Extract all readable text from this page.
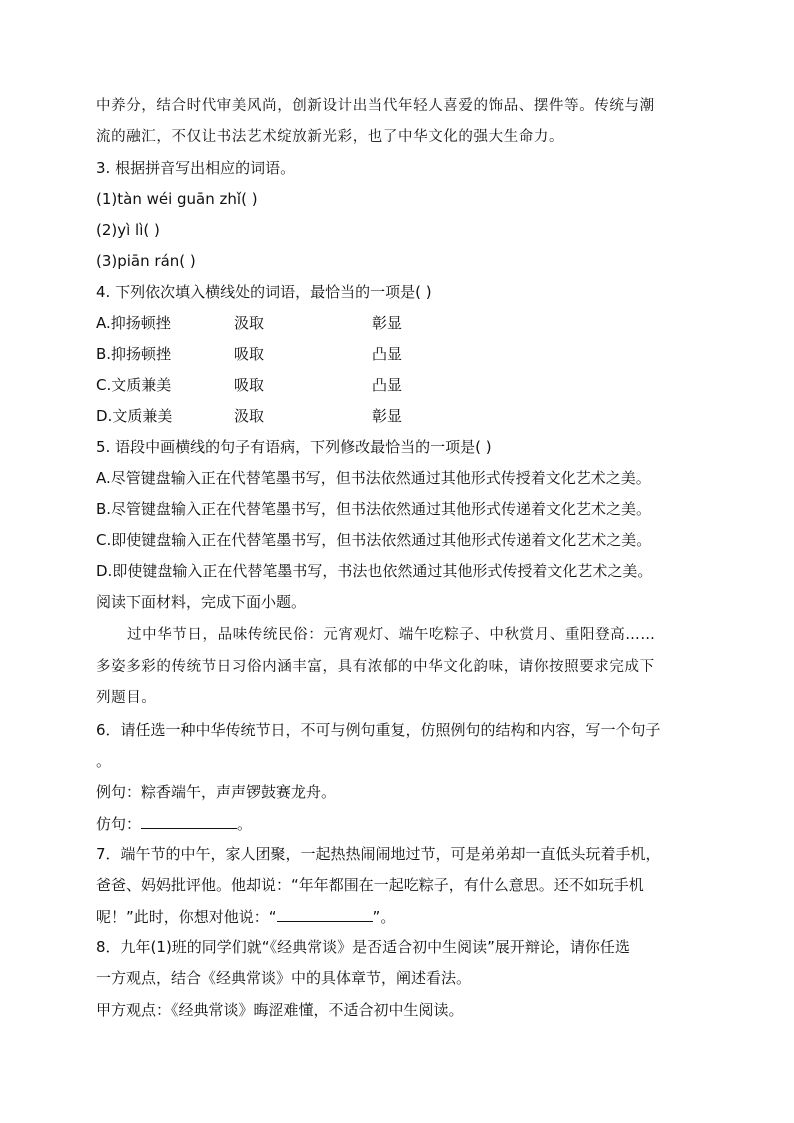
中养分，结合时代审美风尚，创新设计出当代年轻人喜爱的饰品、摆件等。传统与潮
流的融汇，不仅让书法艺术绽放新光彩，也了中华文化的强大生命力。
3. 根据拼音写出相应的词语。
(1)tàn wéi guān zhǐ( )
(2)yì lì( )
(3)piān rán( )
4. 下列依次填入横线处的词语，最恰当的一项是( )
A.抑扬顿挫	汲取	彰显
B.抑扬顿挫	吸取	凸显
C.文质兼美	吸取	凸显
D.文质兼美	汲取	彰显
5. 语段中画横线的句子有语病，下列修改最恰当的一项是( )
A.尽管键盘输入正在代替笔墨书写，但书法依然通过其他形式传授着文化艺术之美。
B.尽管键盘输入正在代替笔墨书写，但书法依然通过其他形式传递着文化艺术之美。
C.即使键盘输入正在代替笔墨书写，但书法依然通过其他形式传递着文化艺术之美。
D.即使键盘输入正在代替笔墨书写，书法也依然通过其他形式传授着文化艺术之美。
阅读下面材料，完成下面小题。
过中华节日，品味传统民俗：元宵观灯、端午吃粽子、中秋赏月、重阳登高……
多姿多彩的传统节日习俗内涵丰富，具有浓郁的中华文化韵味，请你按照要求完成下
列题目。
6．请任选一种中华传统节日，不可与例句重复，仿照例句的结构和内容，写一个句子
。
例句：粽香端午，声声锣鼓赛龙舟。
仿句：	。
7．端午节的中午，家人团聚，一起热热闹闹地过节，可是弟弟却一直低头玩着手机，
爸爸、妈妈批评他。他却说：“年年都围在一起吃粽子，有什么意思。还不如玩手机
呢！”此时，你想对他说：“	”。
8．九年(1)班的同学们就“《经典常谈》是否适合初中生阅读”展开辩论，请你任选
一方观点，结合《经典常谈》中的具体章节，阐述看法。
甲方观点：《经典常谈》晦涩难懂，不适合初中生阅读。
